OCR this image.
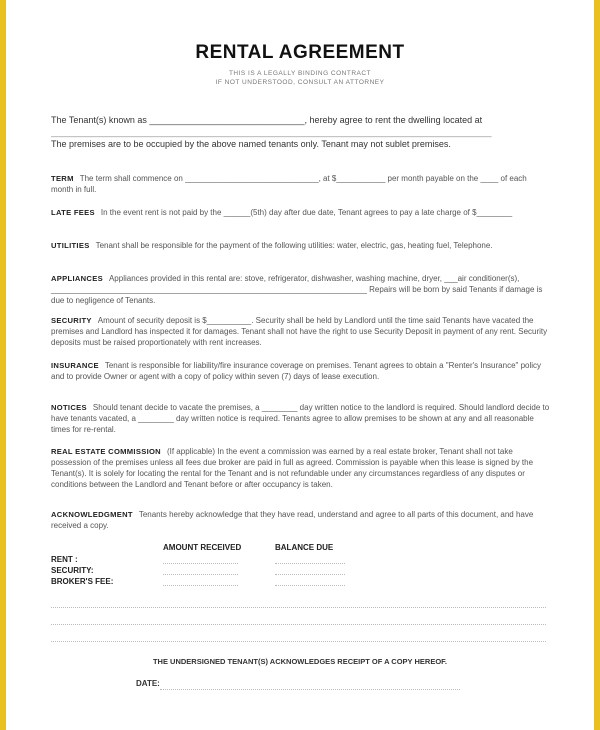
RENTAL AGREEMENT
THIS IS A LEGALLY BINDING CONTRACT
IF NOT UNDERSTOOD, CONSULT AN ATTORNEY
The Tenant(s) known as _______________________________, hereby agree to rent the dwelling located at
________________________________________________________________________________________
The premises are to be occupied by the above named tenants only. Tenant may not sublet premises.
TERM The term shall commence on ______________________________, at $___________ per month payable on the ____ of each month in full.
LATE FEES In the event rent is not paid by the ______(5th) day after due date, Tenant agrees to pay a late charge of $________
UTILITIES Tenant shall be responsible for the payment of the following utilities: water, electric, gas, heating fuel, Telephone.
APPLIANCES Appliances provided in this rental are: stove, refrigerator, dishwasher, washing machine, dryer, ___air conditioner(s), _______________________________________________________________________ Repairs will be born by said Tenants if damage is due to negligence of Tenants.
SECURITY Amount of security deposit is $__________. Security shall be held by Landlord until the time said Tenants have vacated the premises and Landlord has inspected it for damages. Tenant shall not have the right to use Security Deposit in payment of any rent. Security deposits must be raised proportionately with rent increases.
INSURANCE Tenant is responsible for liability/fire insurance coverage on premises. Tenant agrees to obtain a "Renter's Insurance" policy and to provide Owner or agent with a copy of policy within seven (7) days of lease execution.
NOTICES Should tenant decide to vacate the premises, a ________ day written notice to the landlord is required. Should landlord decide to have tenants vacated, a ________ day written notice is required. Tenants agree to allow premises to be shown at any and all reasonable times for re-rental.
REAL ESTATE COMMISSION (If applicable) In the event a commission was earned by a real estate broker, Tenant shall not take possession of the premises unless all fees due broker are paid in full as agreed. Commission is payable when this lease is signed by the Tenant(s). It is solely for locating the rental for the Tenant and is not refundable under any circumstances regardless of any disputes or conditions between the Landlord and Tenant before or after occupancy is taken.
ACKNOWLEDGMENT Tenants hereby acknowledge that they have read, understand and agree to all parts of this document, and have received a copy.
AMOUNT RECEIVED	BALANCE DUE
RENT :
SECURITY:
BROKER'S FEE:
THE UNDERSIGNED TENANT(S) ACKNOWLEDGES RECEIPT OF A COPY HEREOF.
DATE:
